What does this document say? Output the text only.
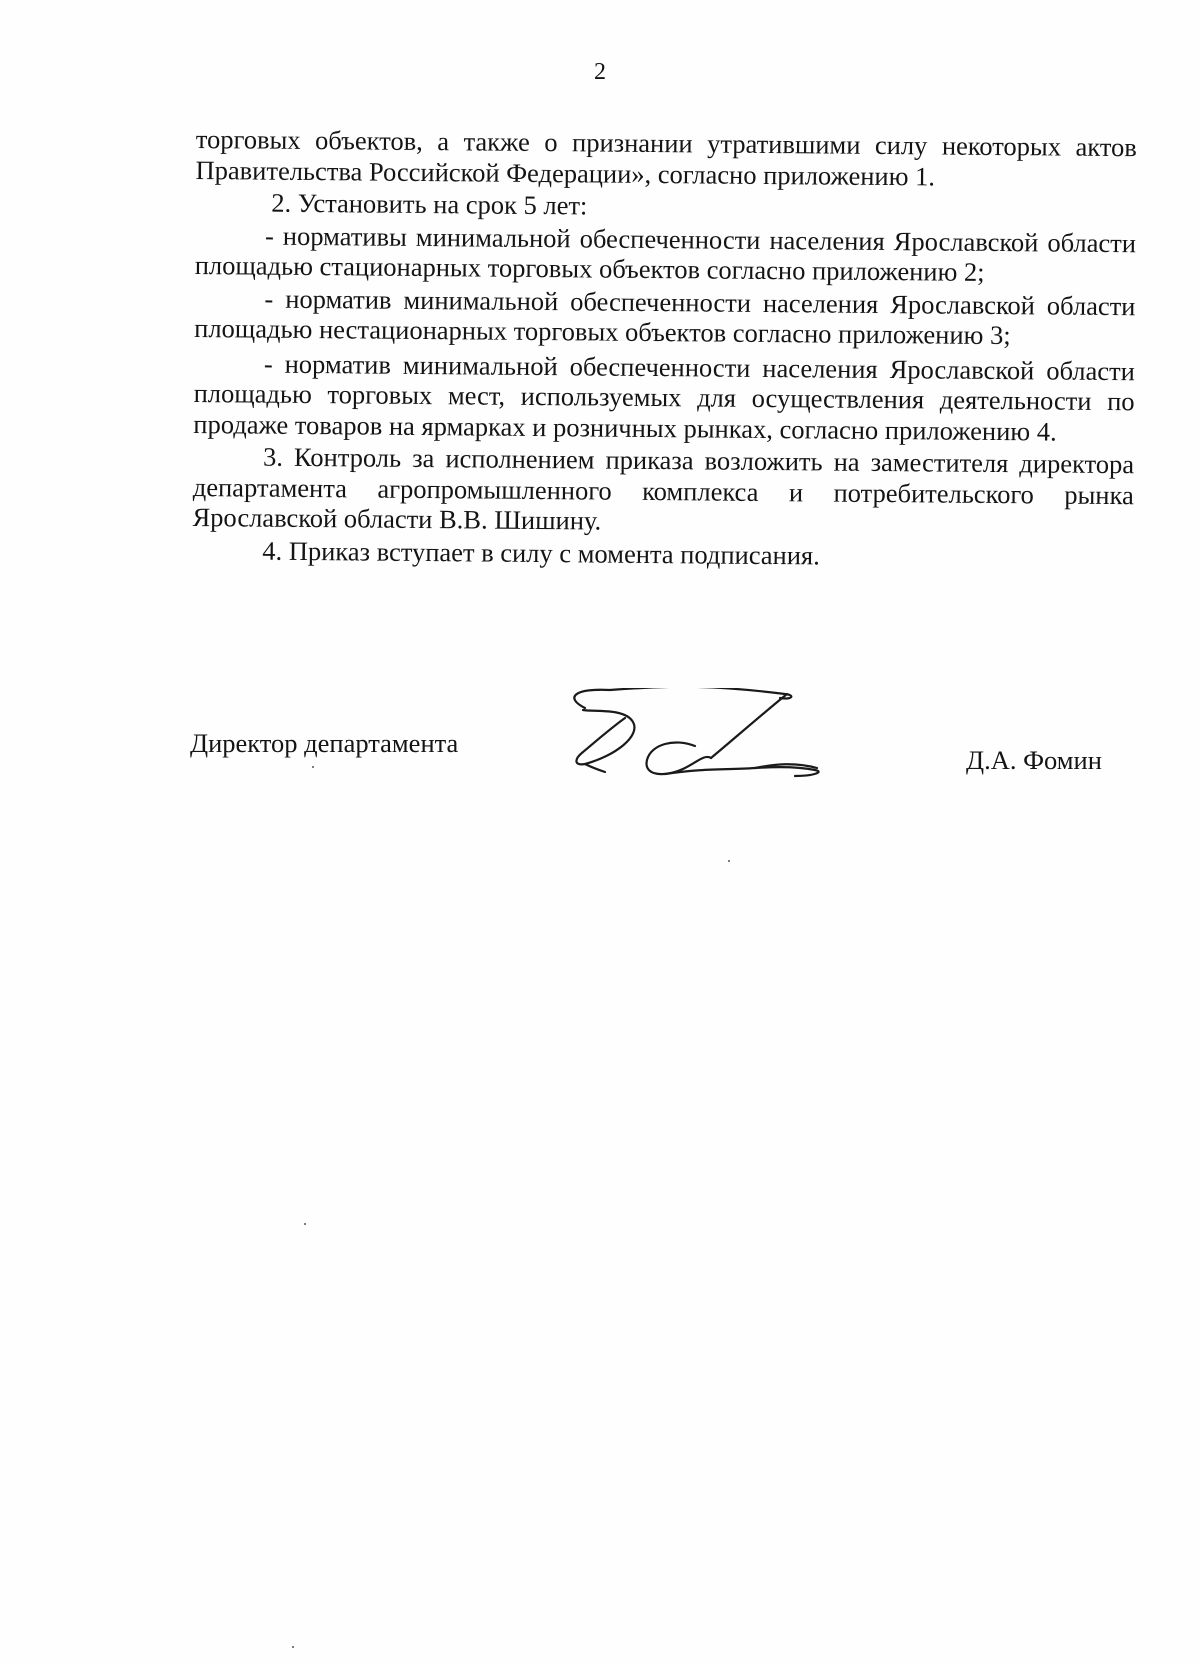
2

торговых объектов, а также о признании утратившими силу некоторых актов Правительства Российской Федерации», согласно приложению 1.

2. Установить на срок 5 лет:

- нормативы минимальной обеспеченности населения Ярославской области площадью стационарных торговых объектов согласно приложению 2;

- норматив минимальной обеспеченности населения Ярославской области площадью нестационарных торговых объектов согласно приложению 3;

- норматив минимальной обеспеченности населения Ярославской области площадью торговых мест, используемых для осуществления деятельности по продаже товаров на ярмарках и розничных рынках, согласно приложению 4.

3. Контроль за исполнением приказа возложить на заместителя директора департамента агропромышленного комплекса и потребительского рынка Ярославской области В.В. Шишину.

4. Приказ вступает в силу с момента подписания.

Директор департамента
Д.А. Фомин
